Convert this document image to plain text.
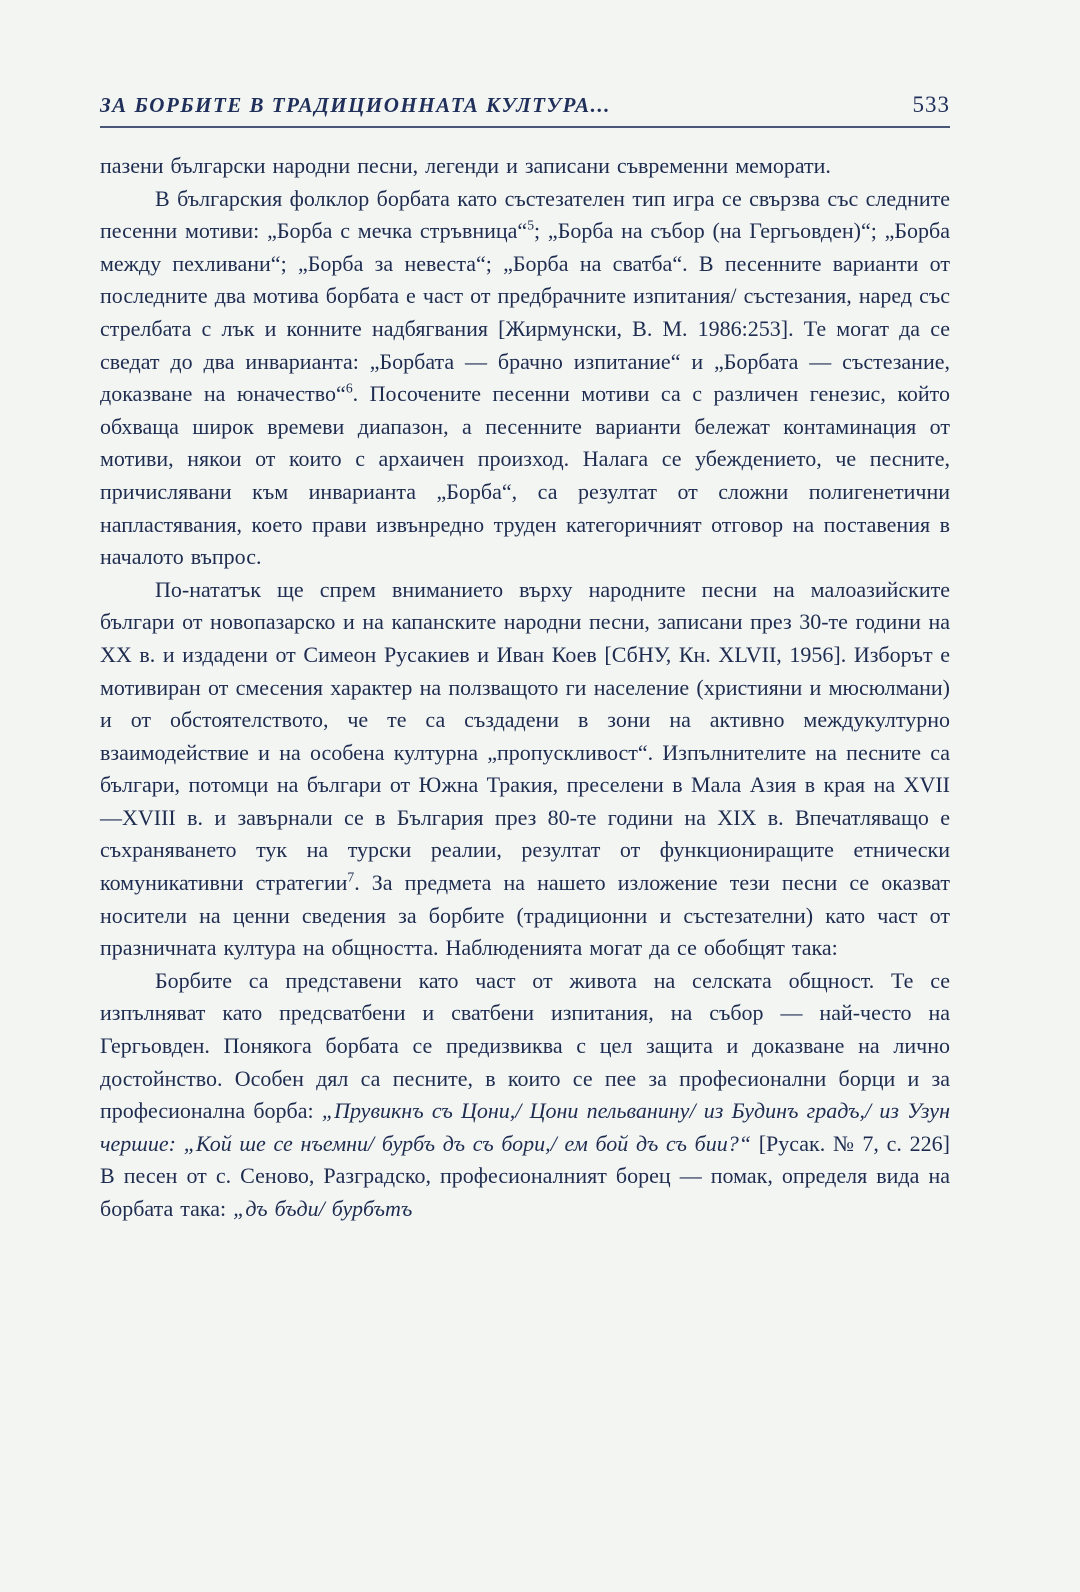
ЗА БОРБИТЕ В ТРАДИЦИОННАТА КУЛТУРА...	533

пазени български народни песни, легенди и записани съвременни меморати.

В българския фолклор борбата като състезателен тип игра се свързва със следните песенни мотиви: „Борба с мечка стръвница“$^5$; „Борба на събор (на Гергьовден)“; „Борба между пехливани“; „Борба за невеста“; „Борба на сватба“. В песенните варианти от последните два мотива борбата е част от предбрачните изпитания/ състезания, наред със стрелбата с лък и конните надбягвания [Жирмунски, В. М. 1986:253]. Те могат да се сведат до два инварианта: „Борбата — брачно изпитание“ и „Борбата — състезание, доказване на юначество“$^6$. Посочените песенни мотиви са с различен генезис, който обхваща широк времеви диапазон, а песенните варианти бележат контаминация от мотиви, някои от които с архаичен произход. Налага се убеждението, че песните, причислявани към инварианта „Борба“, са резултат от сложни полигенетични напластявания, което прави извънредно труден категоричният отговор на поставения в началото въпрос.

По-нататък ще спрем вниманието върху народните песни на малоазийските българи от новопазарско и на капанските народни песни, записани през 30-те години на ХХ в. и издадени от Симеон Русакиев и Иван Коев [СбНУ, Кн. XLVII, 1956]. Изборът е мотивиран от смесения характер на ползващото ги население (християни и мюсюлмани) и от обстоятелството, че те са създадени в зони на активно междукултурно взаимодействие и на особена културна „пропускливост“. Изпълнителите на песните са българи, потомци на българи от Южна Тракия, преселени в Мала Азия в края на XVII—XVIII в. и завърнали се в България през 80-те години на XIX в. Впечатляващо е съхраняването тук на турски реалии, резултат от функциониращите етнически комуникативни стратегии$^7$. За предмета на нашето изложение тези песни се оказват носители на ценни сведения за борбите (традиционни и състезателни) като част от празничната култура на общността. Наблюденията могат да се обобщят така:

Борбите са представени като част от живота на селската общност. Те се изпълняват като предсватбени и сватбени изпитания, на събор — най-често на Гергьовден. Понякога борбата се предизвиква с цел защита и доказване на лично достойнство. Особен дял са песните, в които се пее за професионални борци и за професионална борба: „Прувикнъ съ Цони,/ Цони пельванину/ из Будинъ градъ,/ из Узун чершие: „Кой ше се нъемни/ бурбъ дъ съ бори,/ ем бой дъ съ бии?“ [Русак. № 7, с. 226] В песен от с. Сеново, Разградско, професионалният борец — помак, определя вида на борбата така: „дъ бъди/ бурбътъ
